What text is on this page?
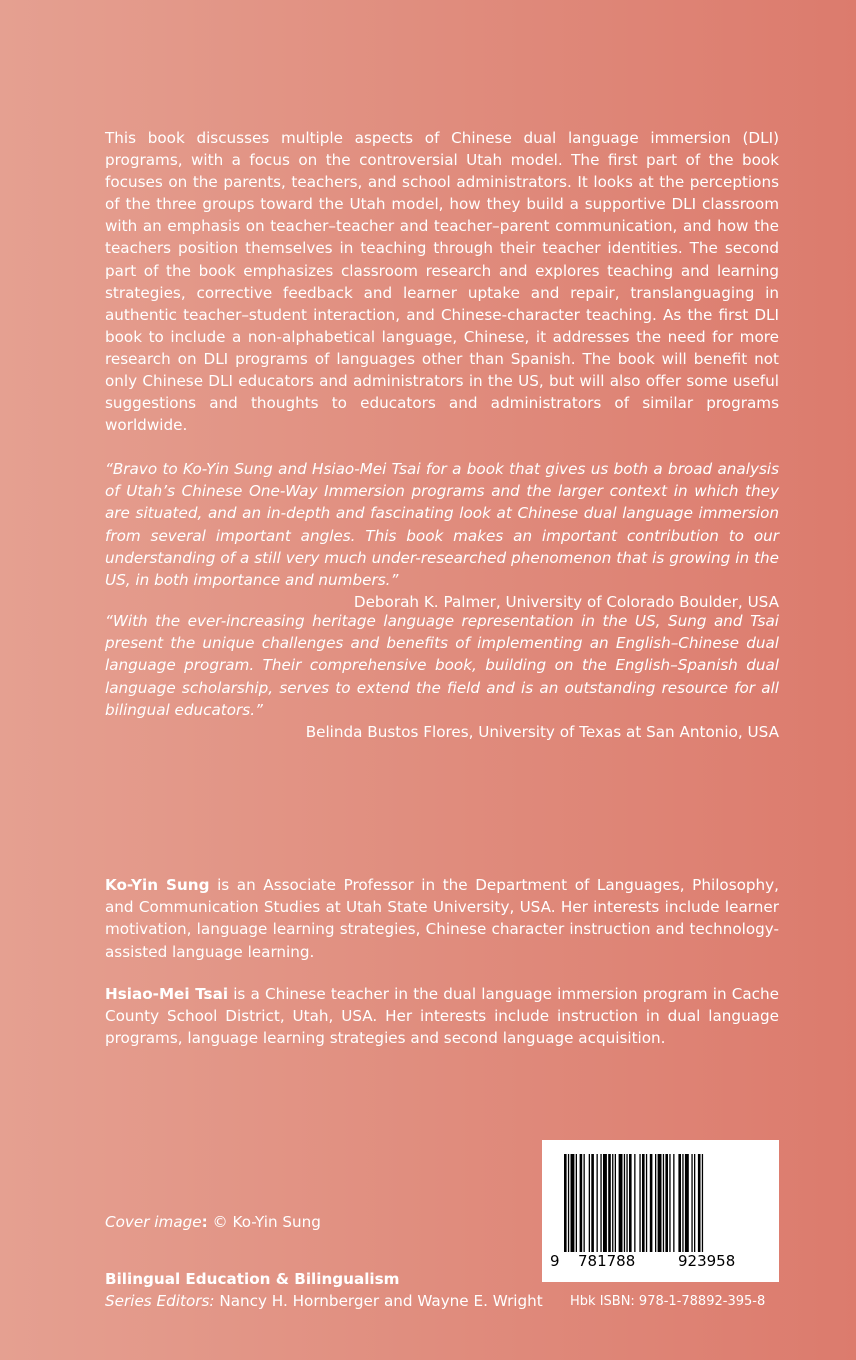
This book discusses multiple aspects of Chinese dual language immersion (DLI) programs, with a focus on the controversial Utah model. The first part of the book focuses on the parents, teachers, and school administrators. It looks at the perceptions of the three groups toward the Utah model, how they build a supportive DLI classroom with an emphasis on teacher–teacher and teacher–parent communication, and how the teachers position themselves in teaching through their teacher identities. The second part of the book emphasizes classroom research and explores teaching and learning strategies, corrective feedback and learner uptake and repair, translanguaging in authentic teacher–student interaction, and Chinese-character teaching. As the first DLI book to include a non-alphabetical language, Chinese, it addresses the need for more research on DLI programs of languages other than Spanish. The book will benefit not only Chinese DLI educators and administrators in the US, but will also offer some useful suggestions and thoughts to educators and administrators of similar programs worldwide.
“Bravo to Ko-Yin Sung and Hsiao-Mei Tsai for a book that gives us both a broad analysis of Utah’s Chinese One-Way Immersion programs and the larger context in which they are situated, and an in-depth and fascinating look at Chinese dual language immersion from several important angles. This book makes an important contribution to our understanding of a still very much under-researched phenomenon that is growing in the US, in both importance and numbers.”
Deborah K. Palmer, University of Colorado Boulder, USA
“With the ever-increasing heritage language representation in the US, Sung and Tsai present the unique challenges and benefits of implementing an English–Chinese dual language program. Their comprehensive book, building on the English–Spanish dual language scholarship, serves to extend the field and is an outstanding resource for all bilingual educators.”
Belinda Bustos Flores, University of Texas at San Antonio, USA
Ko-Yin Sung is an Associate Professor in the Department of Languages, Philosophy, and Communication Studies at Utah State University, USA. Her interests include learner motivation, language learning strategies, Chinese character instruction and technology-assisted language learning.
Hsiao-Mei Tsai is a Chinese teacher in the dual language immersion program in Cache County School District, Utah, USA. Her interests include instruction in dual language programs, language learning strategies and second language acquisition.
Cover image: © Ko-Yin Sung
Bilingual Education & Bilingualism
Series Editors: Nancy H. Hornberger and Wayne E. Wright
9 781788	923958
Hbk ISBN: 978-1-78892-395-8
